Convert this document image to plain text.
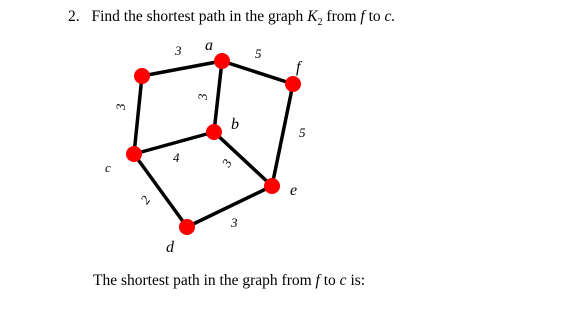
2. Find the shortest path in the graph $K_2$ from f to c.
a
f
b
c
e
d
3	5
3
3
5
4	3
2
3
The shortest path in the graph from f to c is:
